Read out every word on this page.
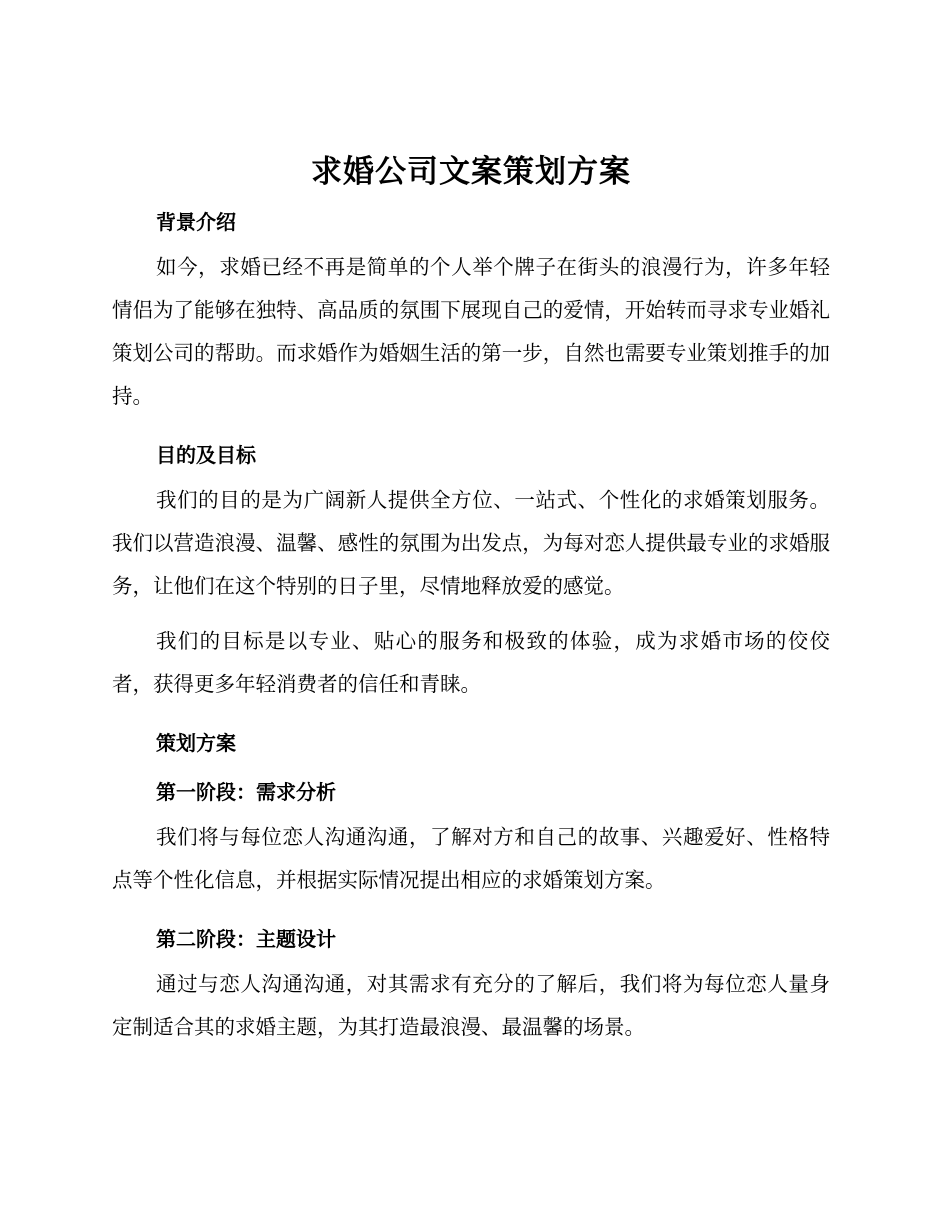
求婚公司文案策划方案
背景介绍

如今，求婚已经不再是简单的个人举个牌子在街头的浪漫行为，许多年轻情侣为了能够在独特、高品质的氛围下展现自己的爱情，开始转而寻求专业婚礼策划公司的帮助。而求婚作为婚姻生活的第一步，自然也需要专业策划推手的加持。

目的及目标

我们的目的是为广阔新人提供全方位、一站式、个性化的求婚策划服务。我们以营造浪漫、温馨、感性的氛围为出发点，为每对恋人提供最专业的求婚服务，让他们在这个特别的日子里，尽情地释放爱的感觉。

我们的目标是以专业、贴心的服务和极致的体验，成为求婚市场的佼佼者，获得更多年轻消费者的信任和青睐。

策划方案
第一阶段：需求分析

我们将与每位恋人沟通沟通，了解对方和自己的故事、兴趣爱好、性格特点等个性化信息，并根据实际情况提出相应的求婚策划方案。

第二阶段：主题设计

通过与恋人沟通沟通，对其需求有充分的了解后，我们将为每位恋人量身定制适合其的求婚主题，为其打造最浪漫、最温馨的场景。
